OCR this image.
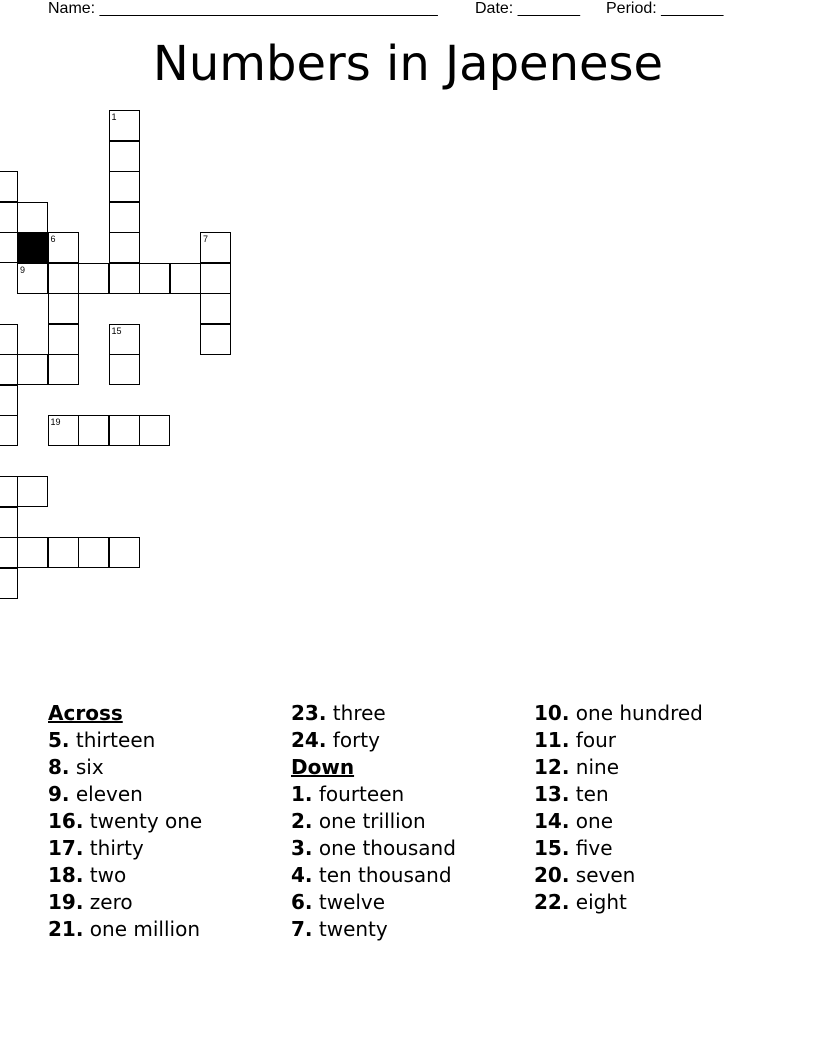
Name: ______________________________________ Date: _______ Period: _______
Numbers in Japenese
1
6	7
9
15
19
Across
5. thirteen
8. six
9. eleven
16. twenty one
17. thirty
18. two
19. zero
21. one million
23. three
24. forty
Down
1. fourteen
2. one trillion
3. one thousand
4. ten thousand
6. twelve
7. twenty
10. one hundred
11. four
12. nine
13. ten
14. one
15. five
20. seven
22. eight
